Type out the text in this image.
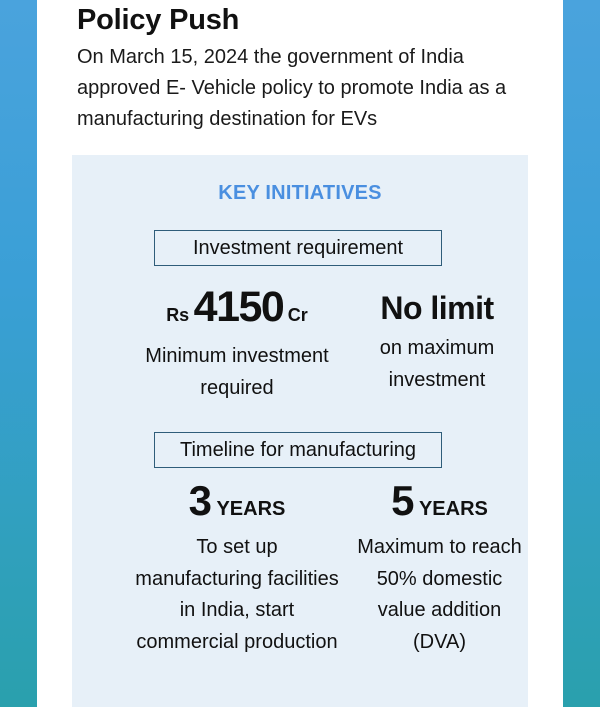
Policy Push
On March 15, 2024 the government of India approved E- Vehicle policy to promote India as a manufacturing destination for EVs
KEY INITIATIVES
Investment requirement
Rs 4150 Cr
Minimum investment required
No limit
on maximum investment
Timeline for manufacturing
3 YEARS
To set up manufacturing facilities in India, start commercial production
5 YEARS
Maximum to reach 50% domestic value addition (DVA)
